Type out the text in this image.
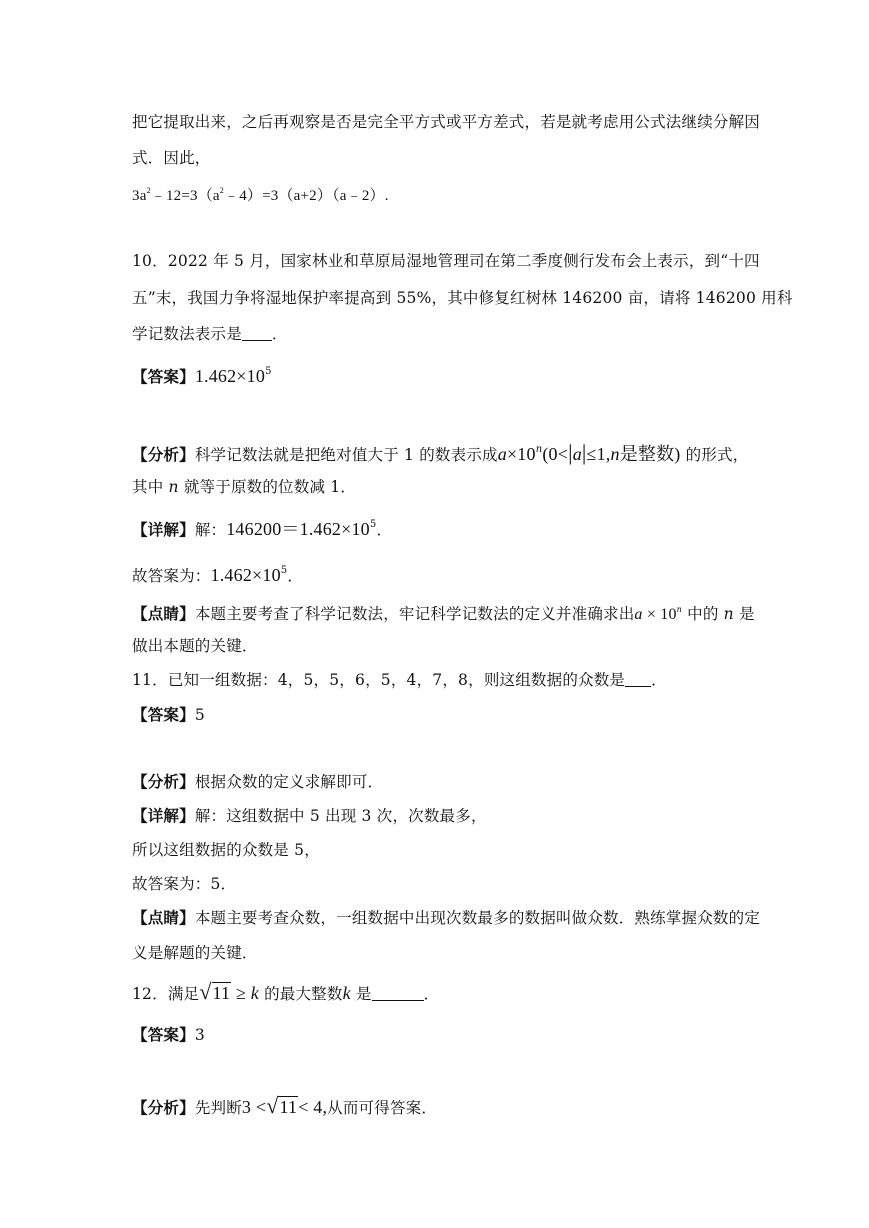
把它提取出来，之后再观察是否是完全平方式或平方差式，若是就考虑用公式法继续分解因
式．因此，
$3a^2﹣12=3(a^2﹣4)=3(a+2)(a﹣2)$.
10．2022 年 5 月，国家林业和草原局湿地管理司在第二季度侧行发布会上表示，到“十四
五”末，我国力争将湿地保护率提高到 55%，其中修复红树林 146200 亩，请将 146200 用科
学记数法表示是 ．
【答案】$1.462\times 10^5$
【分析】科学记数法就是把绝对值大于 1 的数表示成$a\times 10^n(0<|a|\le 1,n$是整数) 的形式，
其中 n 就等于原数的位数减 1．
【详解】解：$146200=1.462\times 10^5$．
故答案为：$1.462\times 10^5$．
【点睛】本题主要考查了科学记数法，牢记科学记数法的定义并准确求出$a \times 10^n$ 中的 n 是
做出本题的关键．
11．已知一组数据：4，5，5，6，5，4，7，8，则这组数据的众数是 ．
【答案】5
【分析】根据众数的定义求解即可．
【详解】解：这组数据中 5 出现 3 次，次数最多，
所以这组数据的众数是 5，
故答案为：5．
【点睛】本题主要考查众数，一组数据中出现次数最多的数据叫做众数．熟练掌握众数的定
义是解题的关键．
12．满足√11 ≥ k 的最大整数k 是	．
【答案】3
【分析】先判断3 <√11< 4,从而可得答案．
